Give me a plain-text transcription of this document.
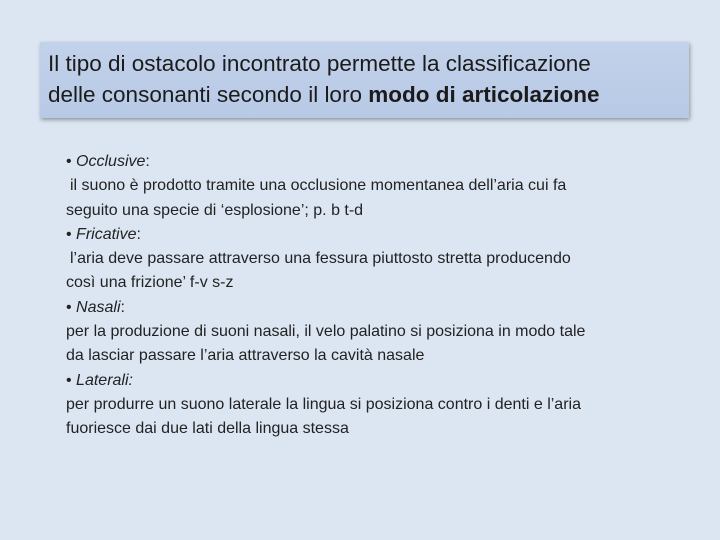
Il tipo di ostacolo incontrato permette la classificazione
delle consonanti secondo il loro modo di articolazione
• Occlusive:
il suono è prodotto tramite una occlusione momentanea dell’aria cui fa
seguito una specie di ‘esplosione’; p. b t-d
• Fricative:
l’aria deve passare attraverso una fessura piuttosto stretta producendo
così una frizione’ f-v s-z
• Nasali:
per la produzione di suoni nasali, il velo palatino si posiziona in modo tale
da lasciar passare l’aria attraverso la cavità nasale
• Laterali:
per produrre un suono laterale la lingua si posiziona contro i denti e l’aria
fuoriesce dai due lati della lingua stessa
